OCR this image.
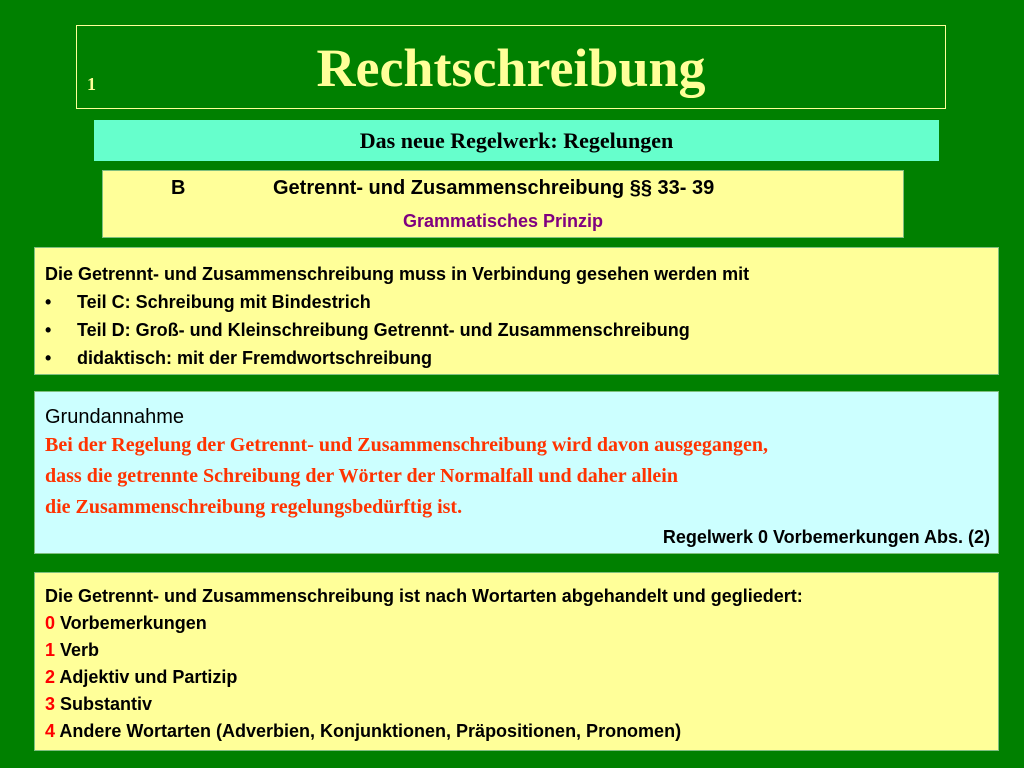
1	Rechtschreibung
Das neue Regelwerk: Regelungen
B	Getrennt- und Zusammenschreibung §§ 33- 39
Grammatisches Prinzip
Die Getrennt- und Zusammenschreibung muss in Verbindung gesehen werden mit
•	Teil C: Schreibung mit Bindestrich
•	Teil D: Groß- und Kleinschreibung Getrennt- und Zusammenschreibung
•	didaktisch: mit der Fremdwortschreibung
Grundannahme
Bei der Regelung der Getrennt- und Zusammenschreibung wird davon ausgegangen,
dass die getrennte Schreibung der Wörter der Normalfall und daher allein
die Zusammenschreibung regelungsbedürftig ist.
Regelwerk 0 Vorbemerkungen Abs. (2)
Die Getrennt- und Zusammenschreibung ist nach Wortarten abgehandelt und gegliedert:
0 Vorbemerkungen
1 Verb
2 Adjektiv und Partizip
3 Substantiv
4 Andere Wortarten (Adverbien, Konjunktionen, Präpositionen, Pronomen)
